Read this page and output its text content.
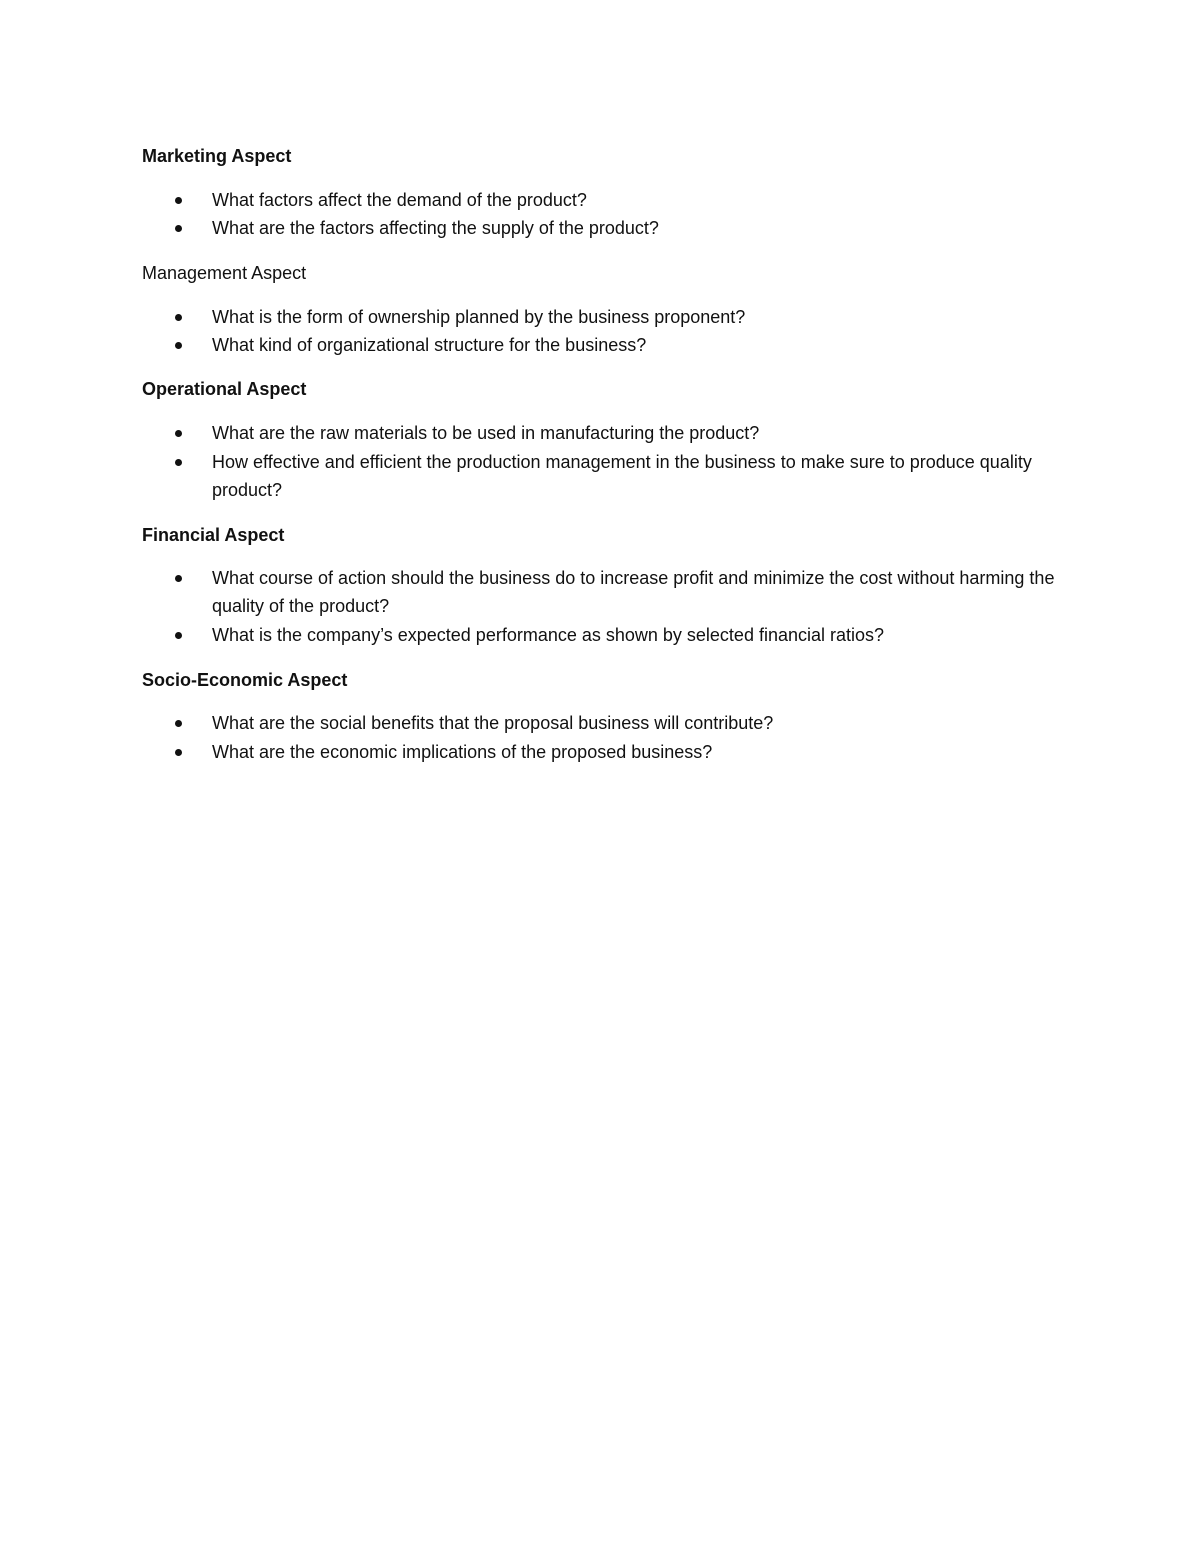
Marketing Aspect
What factors affect the demand of the product?
What are the factors affecting the supply of the product?
Management Aspect
What is the form of ownership planned by the business proponent?
What kind of organizational structure for the business?
Operational Aspect
What are the raw materials to be used in manufacturing the product?
How effective and efficient the production management in the business to make sure to produce quality product?
Financial Aspect
What course of action should the business do to increase profit and minimize the cost without harming the quality of the product?
What is the company’s expected performance as shown by selected financial ratios?
Socio-Economic Aspect
What are the social benefits that the proposal business will contribute?
What are the economic implications of the proposed business?
